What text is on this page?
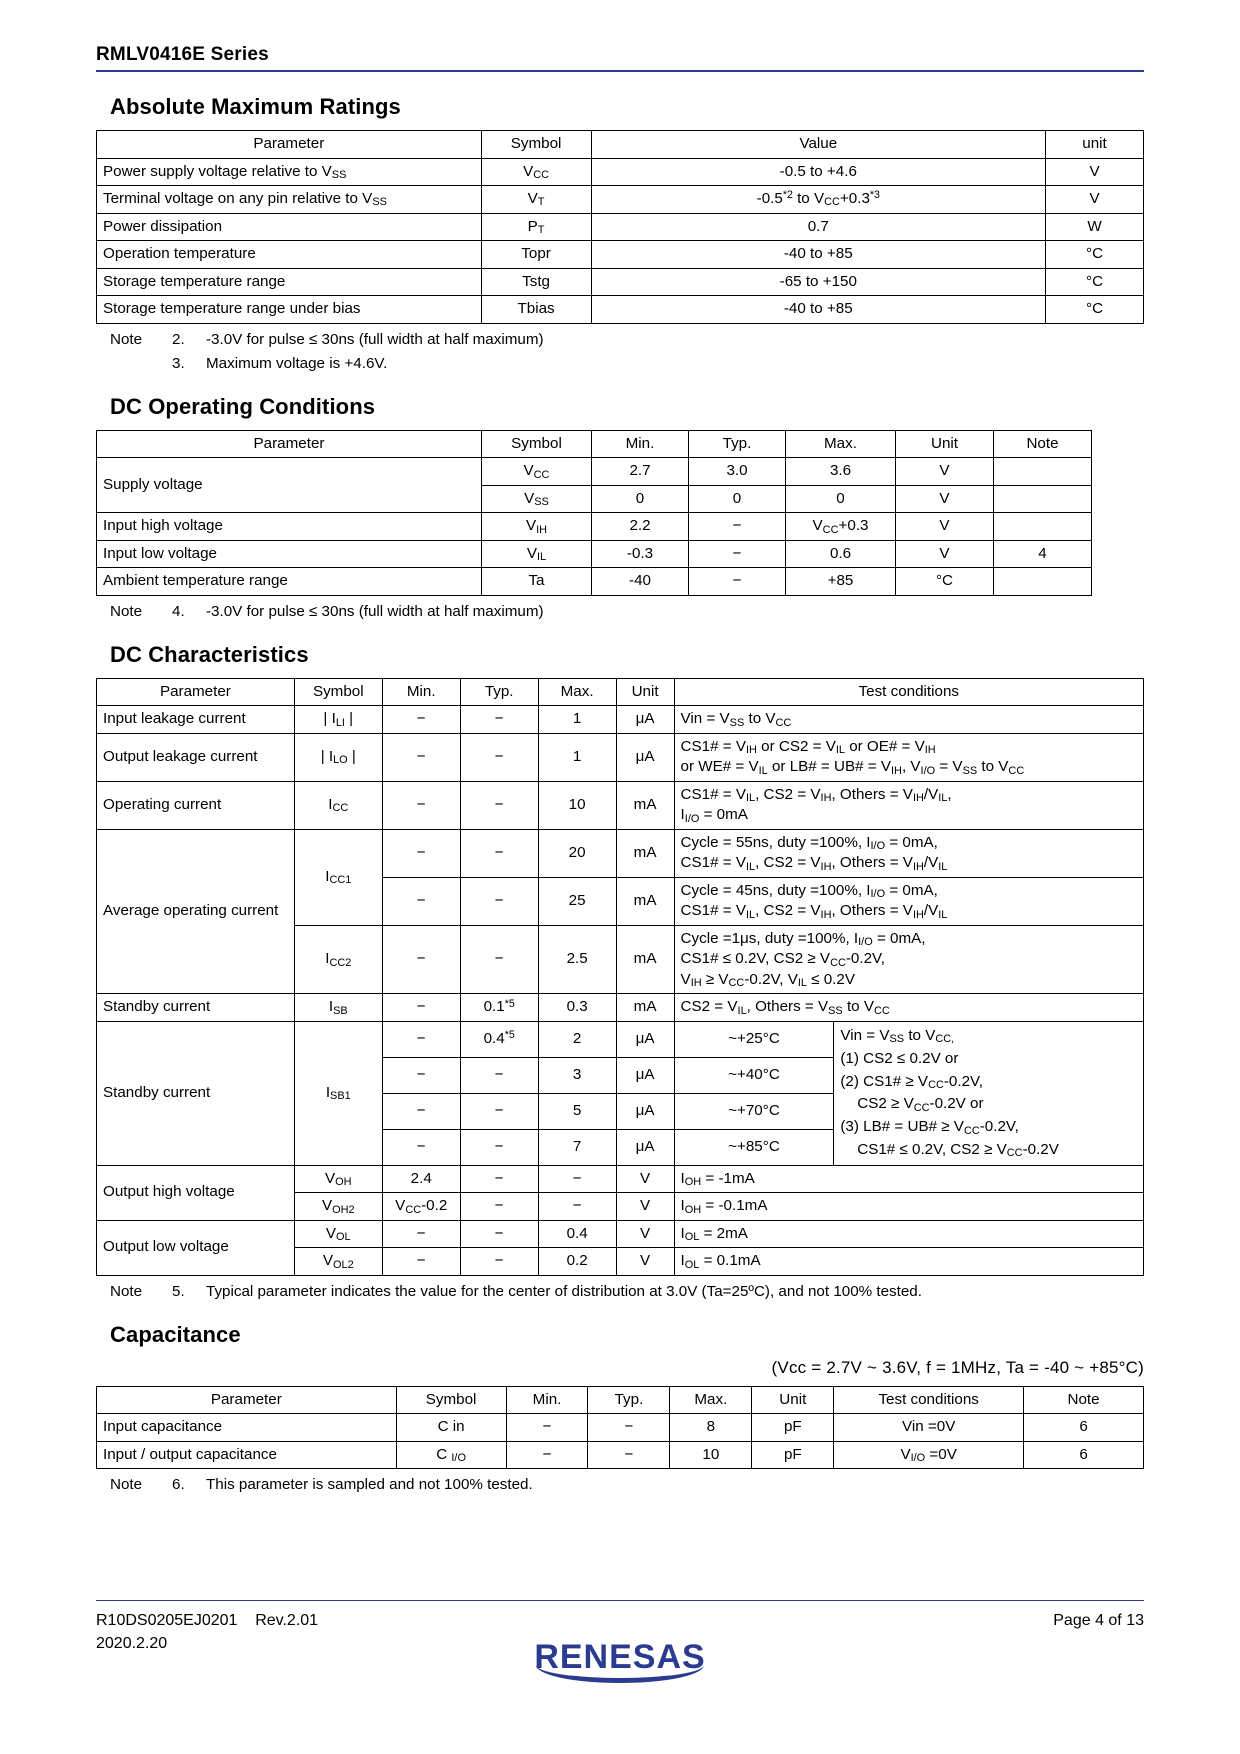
RMLV0416E Series
Absolute Maximum Ratings
Parameter	Symbol	Value	unit
Power supply voltage relative to $V_{SS}$	$V_{CC}$	-0.5 to +4.6	V
Terminal voltage on any pin relative to $V_{SS}$	$V_T$	-0.5$^{*2}$ to $V_{CC}+0.3^{*3}$	V
Power dissipation	$P_T$	0.7	W
Operation temperature	Topr	-40 to +85	°C
Storage temperature range	Tstg	-65 to +150	°C
Storage temperature range under bias	Tbias	-40 to +85	°C
Note	2.	-3.0V for pulse ≤ 30ns (full width at half maximum)
3.	Maximum voltage is +4.6V.
DC Operating Conditions
Parameter	Symbol	Min.	Typ.	Max.	Unit	Note
Supply voltage	$V_{CC}$	2.7	3.0	3.6	V	
	$V_{SS}$	0	0	0	V	
Input high voltage	$V_{IH}$	2.2	−	$V_{CC}+0.3$	V	
Input low voltage	$V_{IL}$	-0.3	−	0.6	V	4
Ambient temperature range	Ta	-40	−	+85	°C	
Note	4.	-3.0V for pulse ≤ 30ns (full width at half maximum)
DC Characteristics
Parameter	Symbol	Min.	Typ.	Max.	Unit	Test conditions	
Input leakage current	| $I_{LI}$ |	−	−	1	μA	Vin = $V_{SS}$ to $V_{CC}$
Output leakage current	| $I_{LO}$ |	−	−	1	μA	CS1# = $V_{IH}$ or $CS2 = V_{IL}$ or OE# = $V_{IH}$
or WE# = $V_{IL}$ or LB# = UB# = $V_{IH}$, $V_{I/O} = V_{SS}$ to $V_{CC}$
Operating current	$I_{CC}$	−	−	10	mA	CS1# = $V_{IL}$, $CS2 = V_{IH}$, Others = $V_{IH}/V_{IL}$,
$I_{I/O} = 0mA$	
Average operating current	$I_{CC1}$	−	−	20	mA	Cycle = 55ns, duty =100%, $I_{I/O} = 0mA$,
CS1# = $V_{IL}$, $CS2 = V_{IH}$, Others = $V_{IH}/V_{IL}$
		−	−	25	mA	Cycle = 45ns, duty =100%, $I_{I/O} = 0mA$,
CS1# = $V_{IL}$, $CS2 = V_{IH}$, Others = $V_{IH}/V_{IL}$
	$I_{CC2}$	−	−	2.5	mA	Cycle =1μs, duty =100%, $I_{I/O} = 0mA$,
CS1# ≤ 0.2V, $CS2 \ge V_{CC}-0.2V$,
$V_{IH} \ge V_{CC}-0.2V$, $V_{IL} \le 0.2V$	
Standby current	$I_{SB}$	−	$0.1^{*5}$	0.3	mA	$CS2 = V_{IL}$, Others = $V_{SS}$ to $V_{CC}$
Standby current	$I_{SB1}$	−	$0.4^{*5}$	2	μA	~+25°C	Vin = $V_{SS}$ to $V_{CC,}$
(1) CS2 ≤ 0.2V or
(2) CS1# ≥ $V_{CC}-0.2V$,
$CS2 \ge V_{CC}-0.2V$ or
(3) LB# = UB# ≥ $V_{CC}-0.2V$,
CS1# ≤ 0.2V, $CS2 \ge V_{CC}-0.2V$
		−	−	3	μA	~+40°C	
		−	−	5	μA	~+70°C	
		−	−	7	μA	~+85°C	
Output high voltage	$V_{OH}$	2.4	−	−	V	$I_{OH} = -1mA$	
	$V_{OH2}$	$V_{CC}-0.2$	−	−	V	$I_{OH} = -0.1mA$	
Output low voltage	$V_{OL}$	−	−	0.4	V	$I_{OL} = 2mA$	
	$V_{OL2}$	−	−	0.2	V	$I_{OL} = 0.1mA$	
Note	5.	Typical parameter indicates the value for the center of distribution at 3.0V (Ta=25ºC), and not 100% tested.
Capacitance
(Vcc = 2.7V ~ 3.6V, f = 1MHz, Ta = -40 ~ +85°C)
Parameter	Symbol	Min.	Typ.	Max.	Unit	Test conditions	Note
Input capacitance	C in	−	−	8	pF	Vin =0V	6
Input / output capacitance	C $_{I/O}$	−	−	10	pF	$V_{I/O} =0V$	6
Note	6.	This parameter is sampled and not 100% tested.
R10DS0205EJ0201 Rev.2.01
2020.2.20
Page 4 of 13
RENESAS
